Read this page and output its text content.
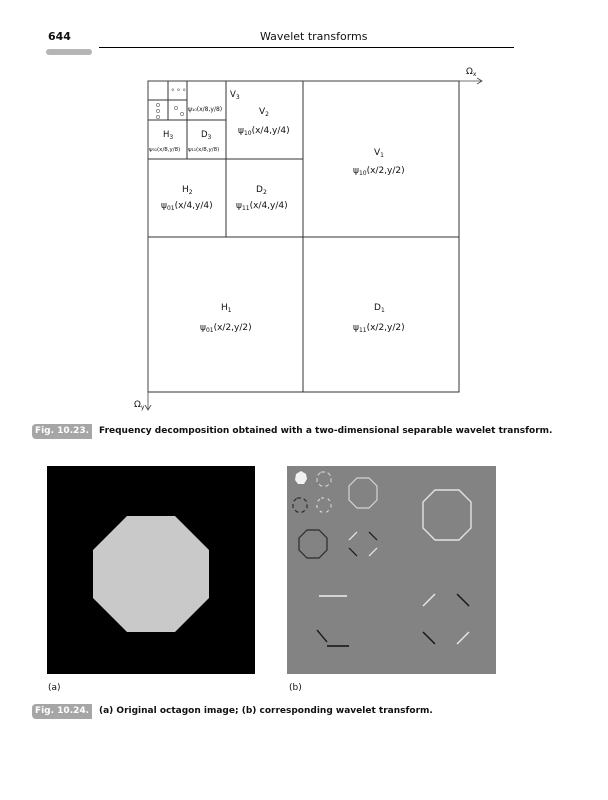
644	Wavelet transforms
$\Omega_x$
$\Omega_y$
° ° °	$V_3$
ψ₁₀(x/8,y/8)
$H_3$
ψ₀₁(x/8,y/8)
$D_3$
ψ₁₁(x/8,y/8)
$V_2$
$\psi_{10}(x/4,y/4)$
$H_2$
$\psi_{01}(x/4,y/4)$
$D_2$
$\psi_{11}(x/4,y/4)$
$V_1$
$\psi_{10}(x/2,y/2)$
$H_1$
$\psi_{01}(x/2,y/2)$
$D_1$
$\psi_{11}(x/2,y/2)$
Fig. 10.23.	Frequency decomposition obtained with a two-dimensional separable wavelet transform.
(a)	(b)
Fig. 10.24.	(a) Original octagon image; (b) corresponding wavelet transform.
